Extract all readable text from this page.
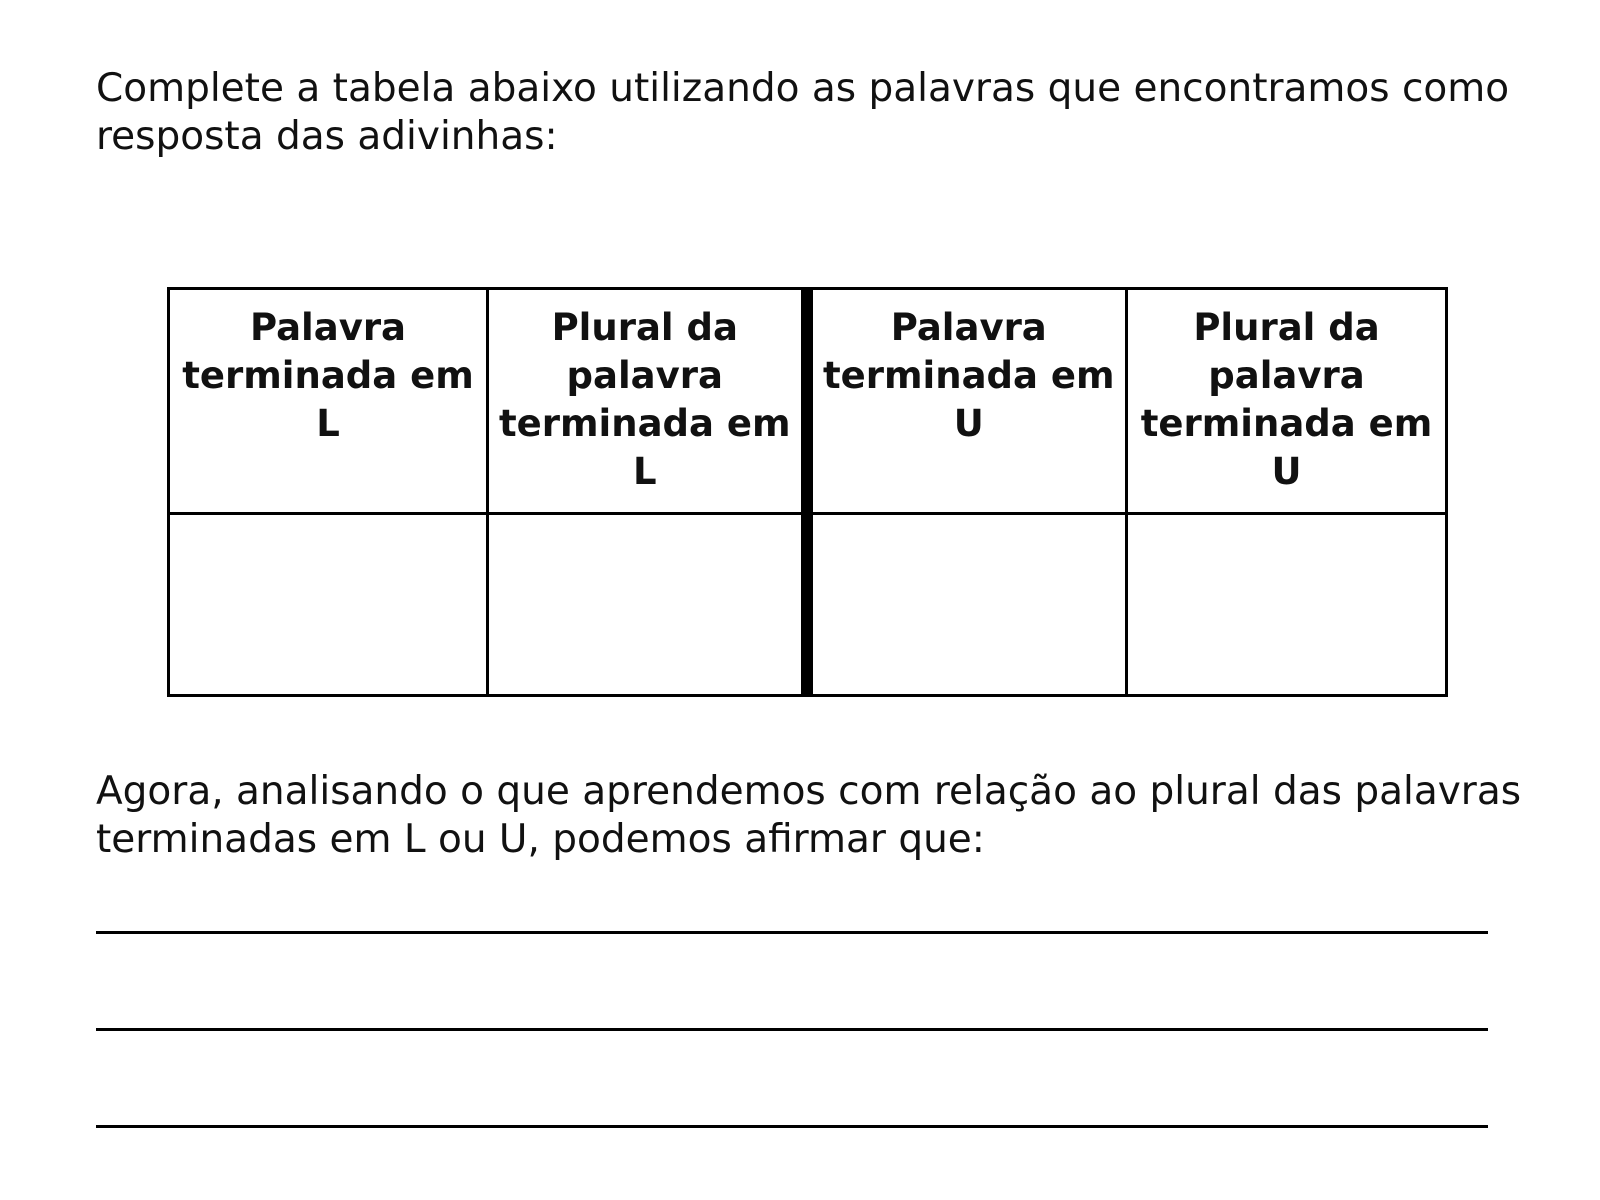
Complete a tabela abaixo utilizando as palavras que encontramos como
resposta das adivinhas:

Palavra terminada em L	Plural da palavra terminada em L	Palavra terminada em U	Plural da palavra terminada em U

Agora, analisando o que aprendemos com relação ao plural das palavras
terminadas em L ou U, podemos afirmar que:
